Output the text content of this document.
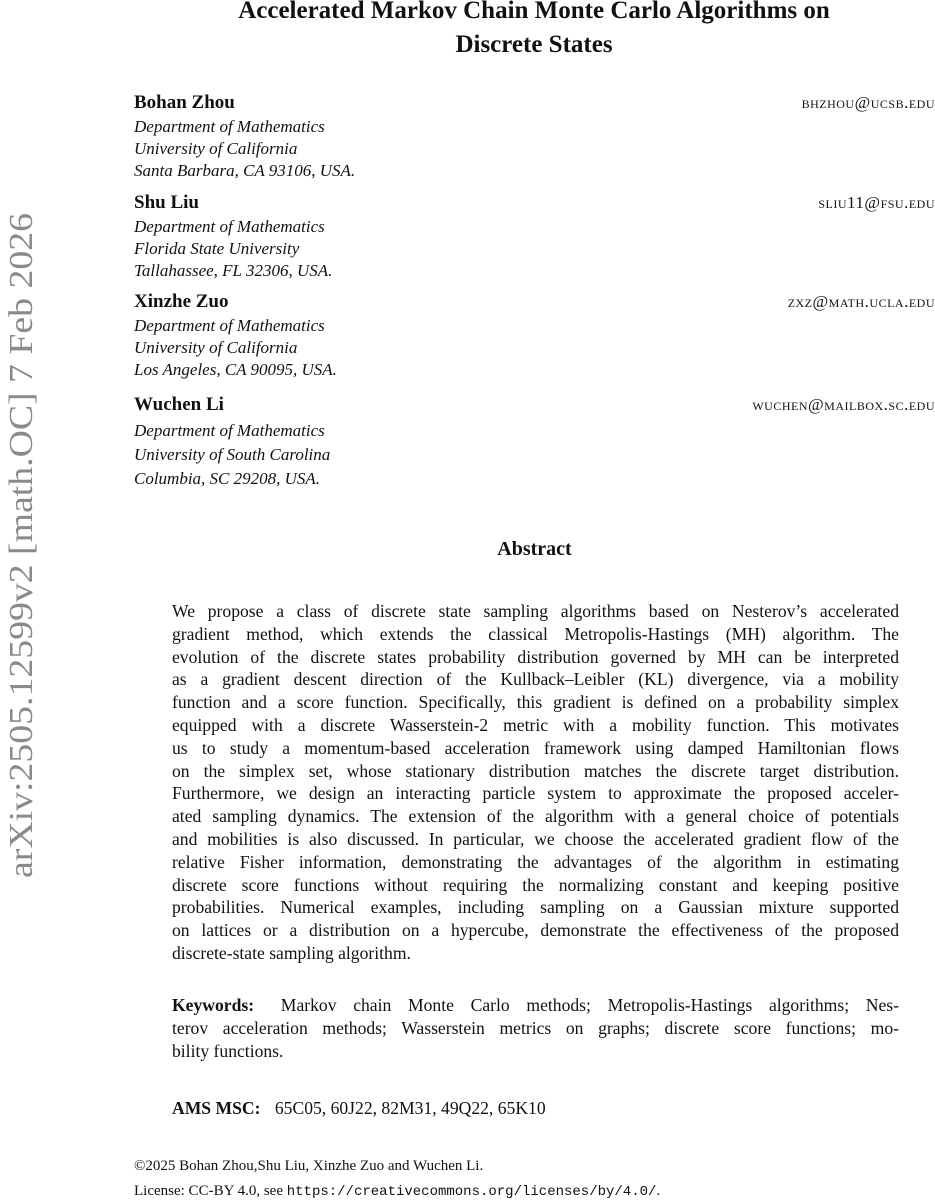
arXiv:2505.12599v2 [math.OC] 7 Feb 2026
Accelerated Markov Chain Monte Carlo Algorithms on
Discrete States
Bohan Zhou	bhzhou@ucsb.edu
Department of Mathematics
University of California
Santa Barbara, CA 93106, USA.
Shu Liu	sliu11@fsu.edu
Department of Mathematics
Florida State University
Tallahassee, FL 32306, USA.
Xinzhe Zuo	zxz@math.ucla.edu
Department of Mathematics
University of California
Los Angeles, CA 90095, USA.
Wuchen Li	wuchen@mailbox.sc.edu
Department of Mathematics
University of South Carolina
Columbia, SC 29208, USA.
Abstract
We propose a class of discrete state sampling algorithms based on Nesterov’s accelerated
gradient method, which extends the classical Metropolis-Hastings (MH) algorithm. The
evolution of the discrete states probability distribution governed by MH can be interpreted
as a gradient descent direction of the Kullback–Leibler (KL) divergence, via a mobility
function and a score function. Specifically, this gradient is defined on a probability simplex
equipped with a discrete Wasserstein-2 metric with a mobility function. This motivates
us to study a momentum-based acceleration framework using damped Hamiltonian flows
on the simplex set, whose stationary distribution matches the discrete target distribution.
Furthermore, we design an interacting particle system to approximate the proposed acceler-
ated sampling dynamics. The extension of the algorithm with a general choice of potentials
and mobilities is also discussed. In particular, we choose the accelerated gradient flow of the
relative Fisher information, demonstrating the advantages of the algorithm in estimating
discrete score functions without requiring the normalizing constant and keeping positive
probabilities. Numerical examples, including sampling on a Gaussian mixture supported
on lattices or a distribution on a hypercube, demonstrate the effectiveness of the proposed
discrete-state sampling algorithm.
Keywords: Markov chain Monte Carlo methods; Metropolis-Hastings algorithms; Nes-
terov acceleration methods; Wasserstein metrics on graphs; discrete score functions; mo-
bility functions.
AMS MSC: 65C05, 60J22, 82M31, 49Q22, 65K10
©2025 Bohan Zhou,Shu Liu, Xinzhe Zuo and Wuchen Li.
License: CC-BY 4.0, see https://creativecommons.org/licenses/by/4.0/.
